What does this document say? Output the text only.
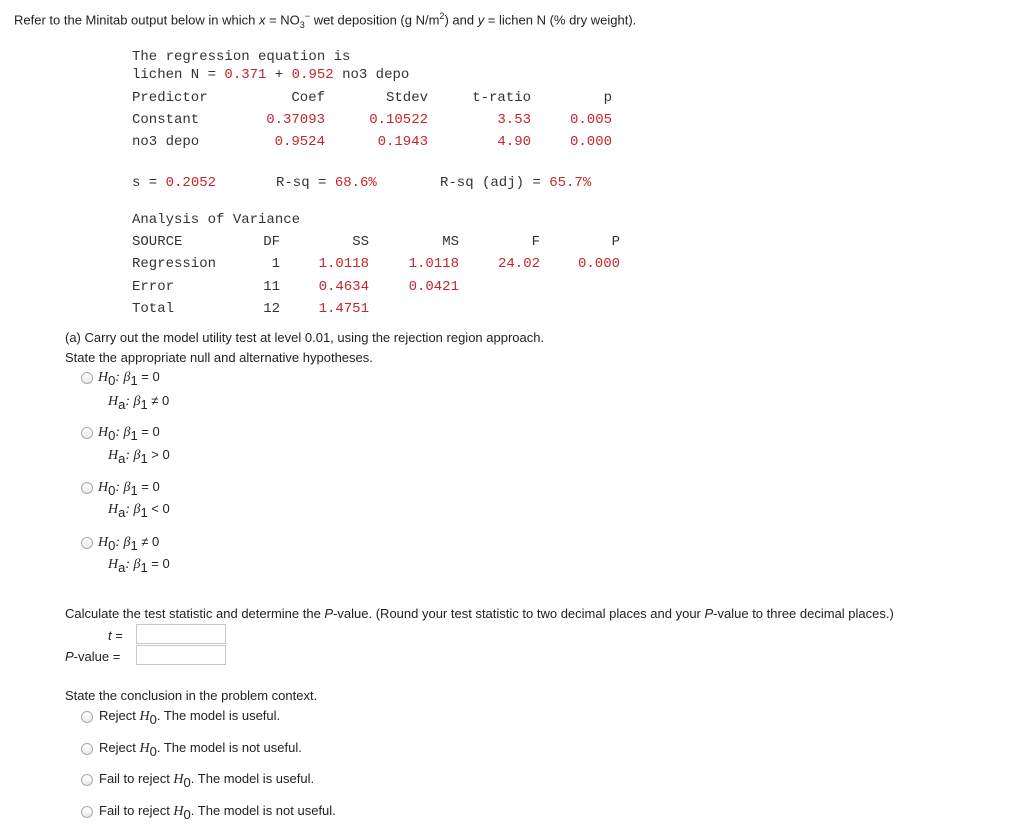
Refer to the Minitab output below in which $x = NO_3^-$ wet deposition (g $N/m^2$) and y = lichen N (% dry weight).
The regression equation is
lichen N = 0.371 + 0.952 no3 depo
Predictor	Coef	Stdev	t-ratio	p
Constant	0.37093	0.10522	3.53	0.005
no3 depo	0.9524	0.1943	4.90	0.000
s = 0.2052	R-sq = 68.6%	R-sq (adj) = 65.7%
Analysis of Variance
SOURCE	DF	SS	MS	F	P
Regression	1	1.0118	1.0118	24.02	0.000
Error	11	0.4634	0.0421
Total	12	1.4751
(a) Carry out the model utility test at level 0.01, using the rejection region approach.
State the appropriate null and alternative hypotheses.
$H_0$: $\beta_1 = 0$
$H_a$: $\beta_1 \ne 0$
$H_0$: $\beta_1 = 0$
$H_a$: $\beta_1 > 0$
$H_0$: $\beta_1 = 0$
$H_a$: $\beta_1 < 0$
$H_0$: $\beta_1 \ne 0$
$H_a$: $\beta_1 = 0$
Calculate the test statistic and determine the P-value. (Round your test statistic to two decimal places and your P-value to three decimal places.)
t =
P-value =
State the conclusion in the problem context.
Reject $H_0$. The model is useful.
Reject $H_0$. The model is not useful.
Fail to reject $H_0$. The model is useful.
Fail to reject $H_0$. The model is not useful.
